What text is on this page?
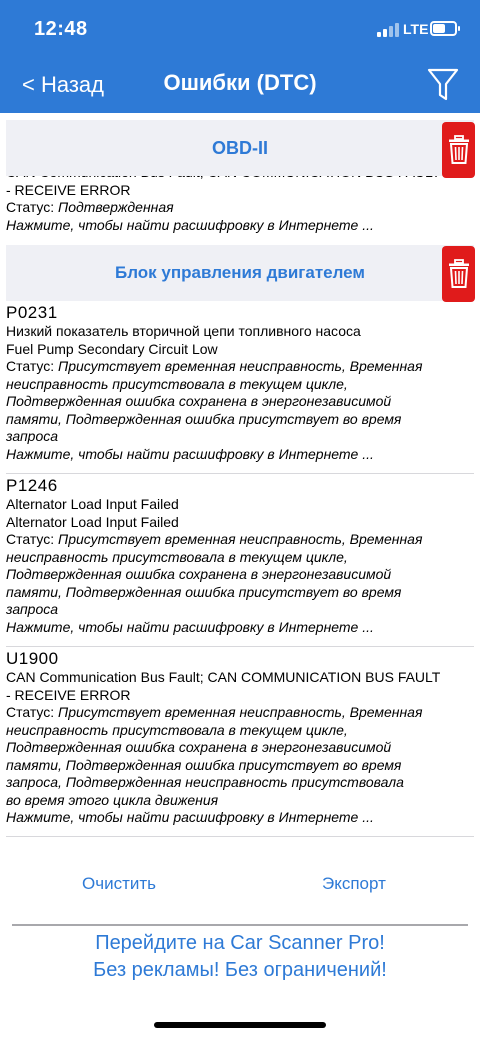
12:48	LTE
< Назад	Ошибки (DTC)
- RECEIVE ERROR
Статус: Подтвержденная
Нажмите, чтобы найти расшифровку в Интернете ...
OBD-II
Блок управления двигателем
P0231
Низкий показатель вторичной цепи топливного насоса
Fuel Pump Secondary Circuit Low
Статус: Присутствует временная неисправность, Временная
неисправность присутствовала в текущем цикле,
Подтвержденная ошибка сохранена в энергонезависимой
памяти, Подтвержденная ошибка присутствует во время
запроса
Нажмите, чтобы найти расшифровку в Интернете ...
P1246
Alternator Load Input Failed
Alternator Load Input Failed
Статус: Присутствует временная неисправность, Временная
неисправность присутствовала в текущем цикле,
Подтвержденная ошибка сохранена в энергонезависимой
памяти, Подтвержденная ошибка присутствует во время
запроса
Нажмите, чтобы найти расшифровку в Интернете ...
U1900
CAN Communication Bus Fault; CAN COMMUNICATION BUS FAULT
- RECEIVE ERROR
Статус: Присутствует временная неисправность, Временная
неисправность присутствовала в текущем цикле,
Подтвержденная ошибка сохранена в энергонезависимой
памяти, Подтвержденная ошибка присутствует во время
запроса, Подтвержденная неисправность присутствовала
во время этого цикла движения
Нажмите, чтобы найти расшифровку в Интернете ...
Очистить	Экспорт
Перейдите на Car Scanner Pro!
Без рекламы! Без ограничений!
